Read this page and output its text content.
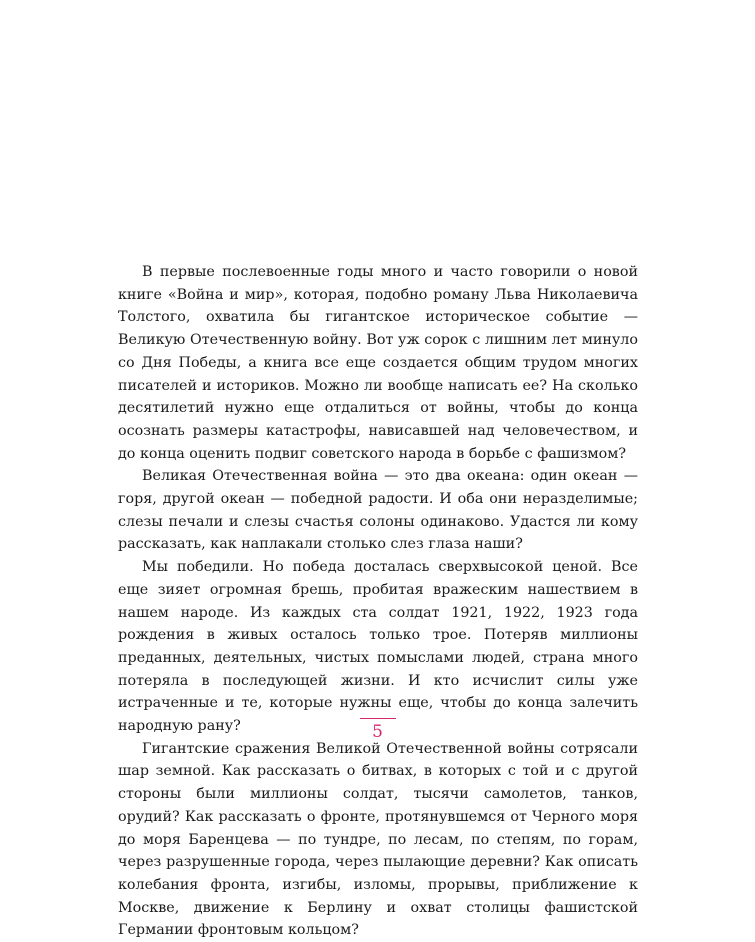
В первые послевоенные годы много и часто говорили о новой книге «Война и мир», которая, подобно роману Льва Николаевича Толстого, охватила бы гигантское историческое событие — Великую Отечественную войну. Вот уж сорок с лишним лет минуло со Дня Победы, а книга все еще создается общим трудом многих писателей и историков. Можно ли вообще написать ее? На сколько десятилетий нужно еще отдалиться от войны, чтобы до конца осознать размеры катастрофы, нависавшей над человечеством, и до конца оценить подвиг советского народа в борьбе с фашизмом?

Великая Отечественная война — это два океана: один океан — горя, другой океан — победной радости. И оба они неразделимые; слезы печали и слезы счастья солоны одинаково. Удастся ли кому рассказать, как наплакали столько слез глаза наши?

Мы победили. Но победа досталась сверхвысокой ценой. Все еще зияет огромная брешь, пробитая вражеским нашествием в нашем народе. Из каждых ста солдат 1921, 1922, 1923 года рождения в живых осталось только трое. Потеряв миллионы преданных, деятельных, чистых помыслами людей, страна много потеряла в последующей жизни. И кто исчислит силы уже истраченные и те, которые нужны еще, чтобы до конца залечить народную рану?

Гигантские сражения Великой Отечественной войны сотрясали шар земной. Как рассказать о битвах, в которых с той и с другой стороны были миллионы солдат, тысячи самолетов, танков, орудий? Как рассказать о фронте, протянувшемся от Черного моря до моря Баренцева — по тундре, по лесам, по степям, по горам, через разрушенные города, через пылающие деревни? Как описать колебания фронта, изгибы, изломы, прорывы, приближение к Москве, движение к Берлину и охват столицы фашистской Германии фронтовым кольцом?

5
